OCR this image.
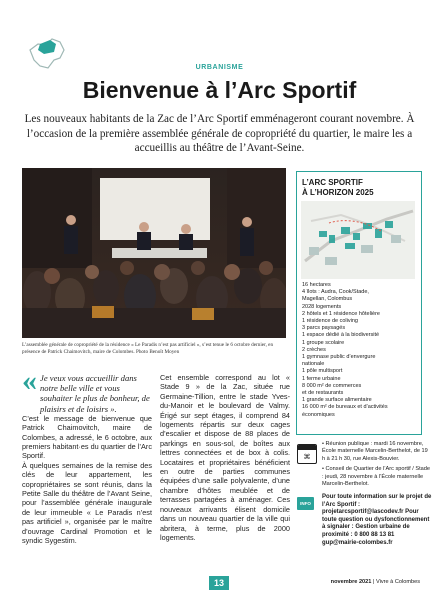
URBANISME
Bienvenue à l’Arc Sportif
Les nouveaux habitants de la Zac de l’Arc Sportif emménageront courant novembre. À l’occasion de la première assemblée générale de copropriété du quartier, le maire les a accueillis au théâtre de l’Avant-Seine.
L’assemblée générale de copropriété de la résidence « Le Paradis n’est pas artificiel », s’est tenue le 6 octobre dernier, en présence de Patrick Chaimovitch, maire de Colombes. Photo Benoît Moyen
« Je veux vous accueillir dans notre belle ville et vous souhaiter le plus de bonheur, de plaisirs et de loisirs ».

C’est le message de bienvenue que Patrick Chaimovitch, maire de Colombes, a adressé, le 6 octobre, aux premiers habitant·es du quartier de l’Arc Sportif.

À quelques semaines de la remise des clés de leur appartement, les copropriétaires se sont réunis, dans la Petite Salle du théâtre de l’Avant Seine, pour l’assemblée générale inaugurale de leur immeuble « Le Paradis n’est pas artificiel », organisée par le maître d’ouvrage Cardinal Promotion et le syndic Sygestim.

Cet ensemble correspond au lot « Stade 9 » de la Zac, située rue Germaine-Tillion, entre le stade Yves-du-Manoir et le boulevard de Valmy. Érigé sur sept étages, il comprend 84 logements répartis sur deux cages d’escalier et dispose de 88 places de parkings en sous-sol, de boîtes aux lettres connectées et de box à colis. Locataires et propriétaires bénéficient en outre de parties communes équipées d’une salle polyvalente, d’une chambre d’hôtes meublée et de terrasses partagées à aménager. Ces nouveaux arrivants élisent domicile dans un nouveau quartier de la ville qui abritera, à terme, plus de 2000 logements.

L’ARC SPORTIF
À L’HORIZON 2025
16 hectares
4 îlots : Audra, Cook/Stade,
Magellan, Colombus
2028 logements
2 hôtels et 1 résidence hôtelière
1 résidence de coliving
3 parcs paysagés
1 espace dédié à la biodiversité
1 groupe scolaire
2 crèches
1 gymnase public d’envergure
nationale
1 pôle multisport
1 ferme urbaine
8 000 m² de commerces
et de restaurants
1 grande surface alimentaire
16 000 m² de bureaux et d’activités
économiques
⌘

• Réunion publique : mardi 16 novembre, École maternelle Marcelin-Berthelot, de 19 h à 21 h 30, rue Alexis-Bouvier.

• Conseil de Quartier de l’Arc sportif / Stade : jeudi, 28 novembre à l’École maternelle Marcelin-Berthelot.

INFO
Pour toute information sur le projet de l’Arc Sportif : projetarcsportif@lascodev.fr Pour toute question ou dysfonctionnement à signaler : Gestion urbaine de proximité : 0 800 88 13 81 gup@mairie-colombes.fr
13	novembre 2021 | Vivre à Colombes
